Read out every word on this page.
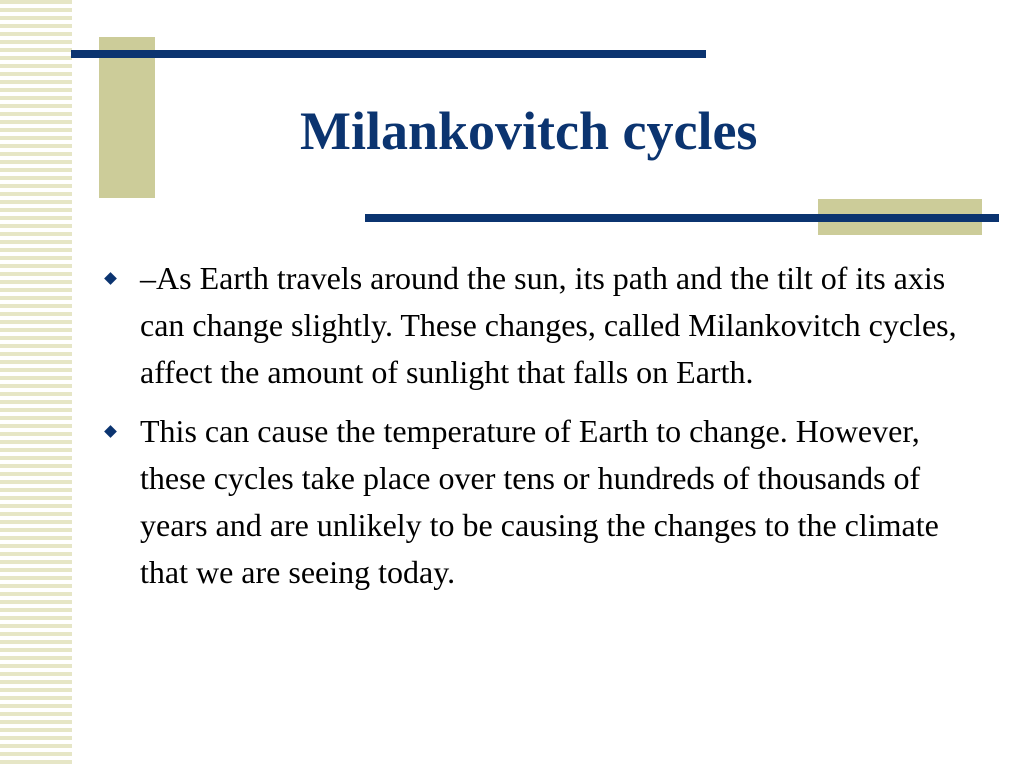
Milankovitch cycles
–As Earth travels around the sun, its path and the tilt of its axis can change slightly. These changes, called Milankovitch cycles, affect the amount of sunlight that falls on Earth.
This can cause the temperature of Earth to change. However, these cycles take place over tens or hundreds of thousands of years and are unlikely to be causing the changes to the climate that we are seeing today.
